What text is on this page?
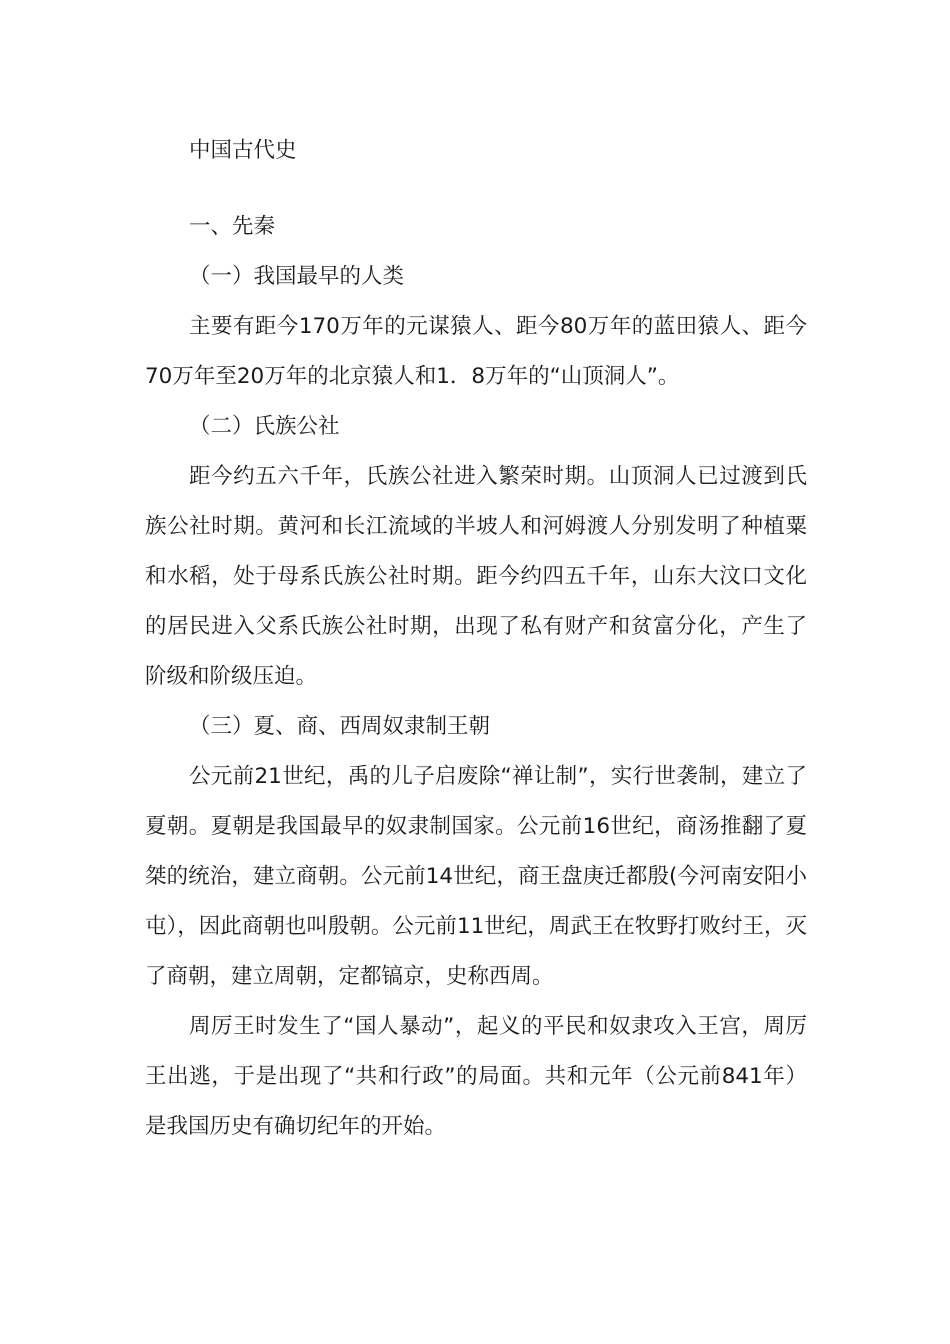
中国古代史

一、先秦

（一）我国最早的人类

主要有距今170万年的元谋猿人、距今80万年的蓝田猿人、距今70万年至20万年的北京猿人和1．8万年的“山顶洞人”。

（二）氏族公社

距今约五六千年，氏族公社进入繁荣时期。山顶洞人已过渡到氏族公社时期。黄河和长江流域的半坡人和河姆渡人分别发明了种植粟和水稻，处于母系氏族公社时期。距今约四五千年，山东大汶口文化的居民进入父系氏族公社时期，出现了私有财产和贫富分化，产生了阶级和阶级压迫。

（三）夏、商、西周奴隶制王朝

公元前21世纪，禹的儿子启废除“禅让制”，实行世袭制，建立了夏朝。夏朝是我国最早的奴隶制国家。公元前16世纪，商汤推翻了夏桀的统治，建立商朝。公元前14世纪，商王盘庚迁都殷(今河南安阳小屯），因此商朝也叫殷朝。公元前11世纪，周武王在牧野打败纣王，灭了商朝，建立周朝，定都镐京，史称西周。

周厉王时发生了“国人暴动”，起义的平民和奴隶攻入王宫，周厉王出逃，于是出现了“共和行政”的局面。共和元年（公元前841年）是我国历史有确切纪年的开始。
